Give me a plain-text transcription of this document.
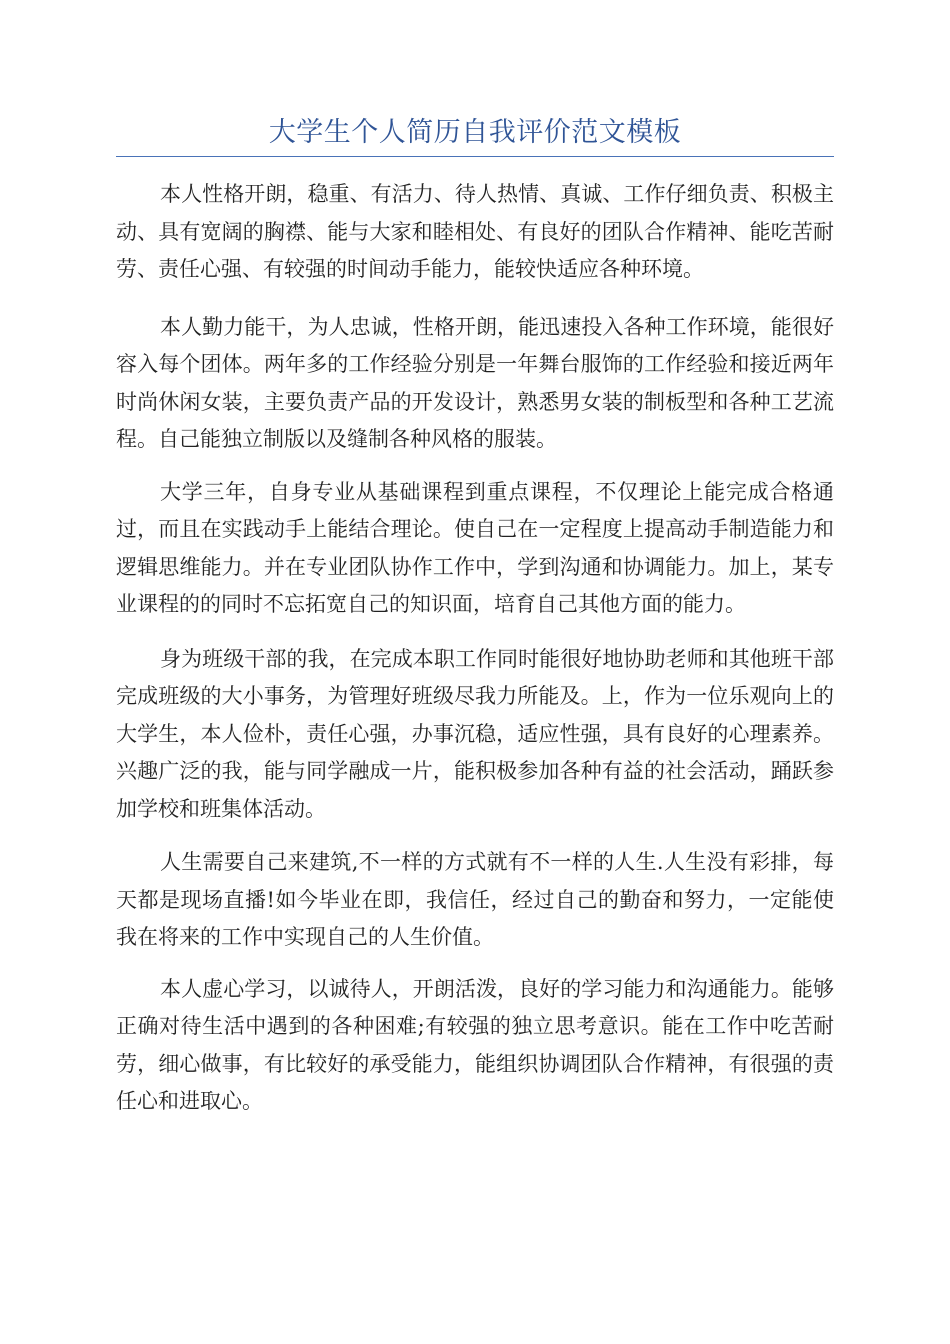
大学生个人简历自我评价范文模板

本人性格开朗，稳重、有活力、待人热情、真诚、工作仔细负责、积极主动、具有宽阔的胸襟、能与大家和睦相处、有良好的团队合作精神、能吃苦耐劳、责任心强、有较强的时间动手能力，能较快适应各种环境。

本人勤力能干，为人忠诚，性格开朗，能迅速投入各种工作环境，能很好容入每个团体。两年多的工作经验分别是一年舞台服饰的工作经验和接近两年时尚休闲女装，主要负责产品的开发设计，熟悉男女装的制板型和各种工艺流程。自己能独立制版以及缝制各种风格的服装。

大学三年，自身专业从基础课程到重点课程，不仅理论上能完成合格通过，而且在实践动手上能结合理论。使自己在一定程度上提高动手制造能力和逻辑思维能力。并在专业团队协作工作中，学到沟通和协调能力。加上，某专业课程的的同时不忘拓宽自己的知识面，培育自己其他方面的能力。

身为班级干部的我，在完成本职工作同时能很好地协助老师和其他班干部完成班级的大小事务，为管理好班级尽我力所能及。上，作为一位乐观向上的大学生，本人俭朴，责任心强，办事沉稳，适应性强，具有良好的心理素养。兴趣广泛的我，能与同学融成一片，能积极参加各种有益的社会活动，踊跃参加学校和班集体活动。

人生需要自己来建筑,不一样的方式就有不一样的人生.人生没有彩排，每天都是现场直播!如今毕业在即，我信任，经过自己的勤奋和努力，一定能使我在将来的工作中实现自己的人生价值。

本人虚心学习，以诚待人，开朗活泼，良好的学习能力和沟通能力。能够正确对待生活中遇到的各种困难;有较强的独立思考意识。能在工作中吃苦耐劳，细心做事，有比较好的承受能力，能组织协调团队合作精神，有很强的责任心和进取心。
